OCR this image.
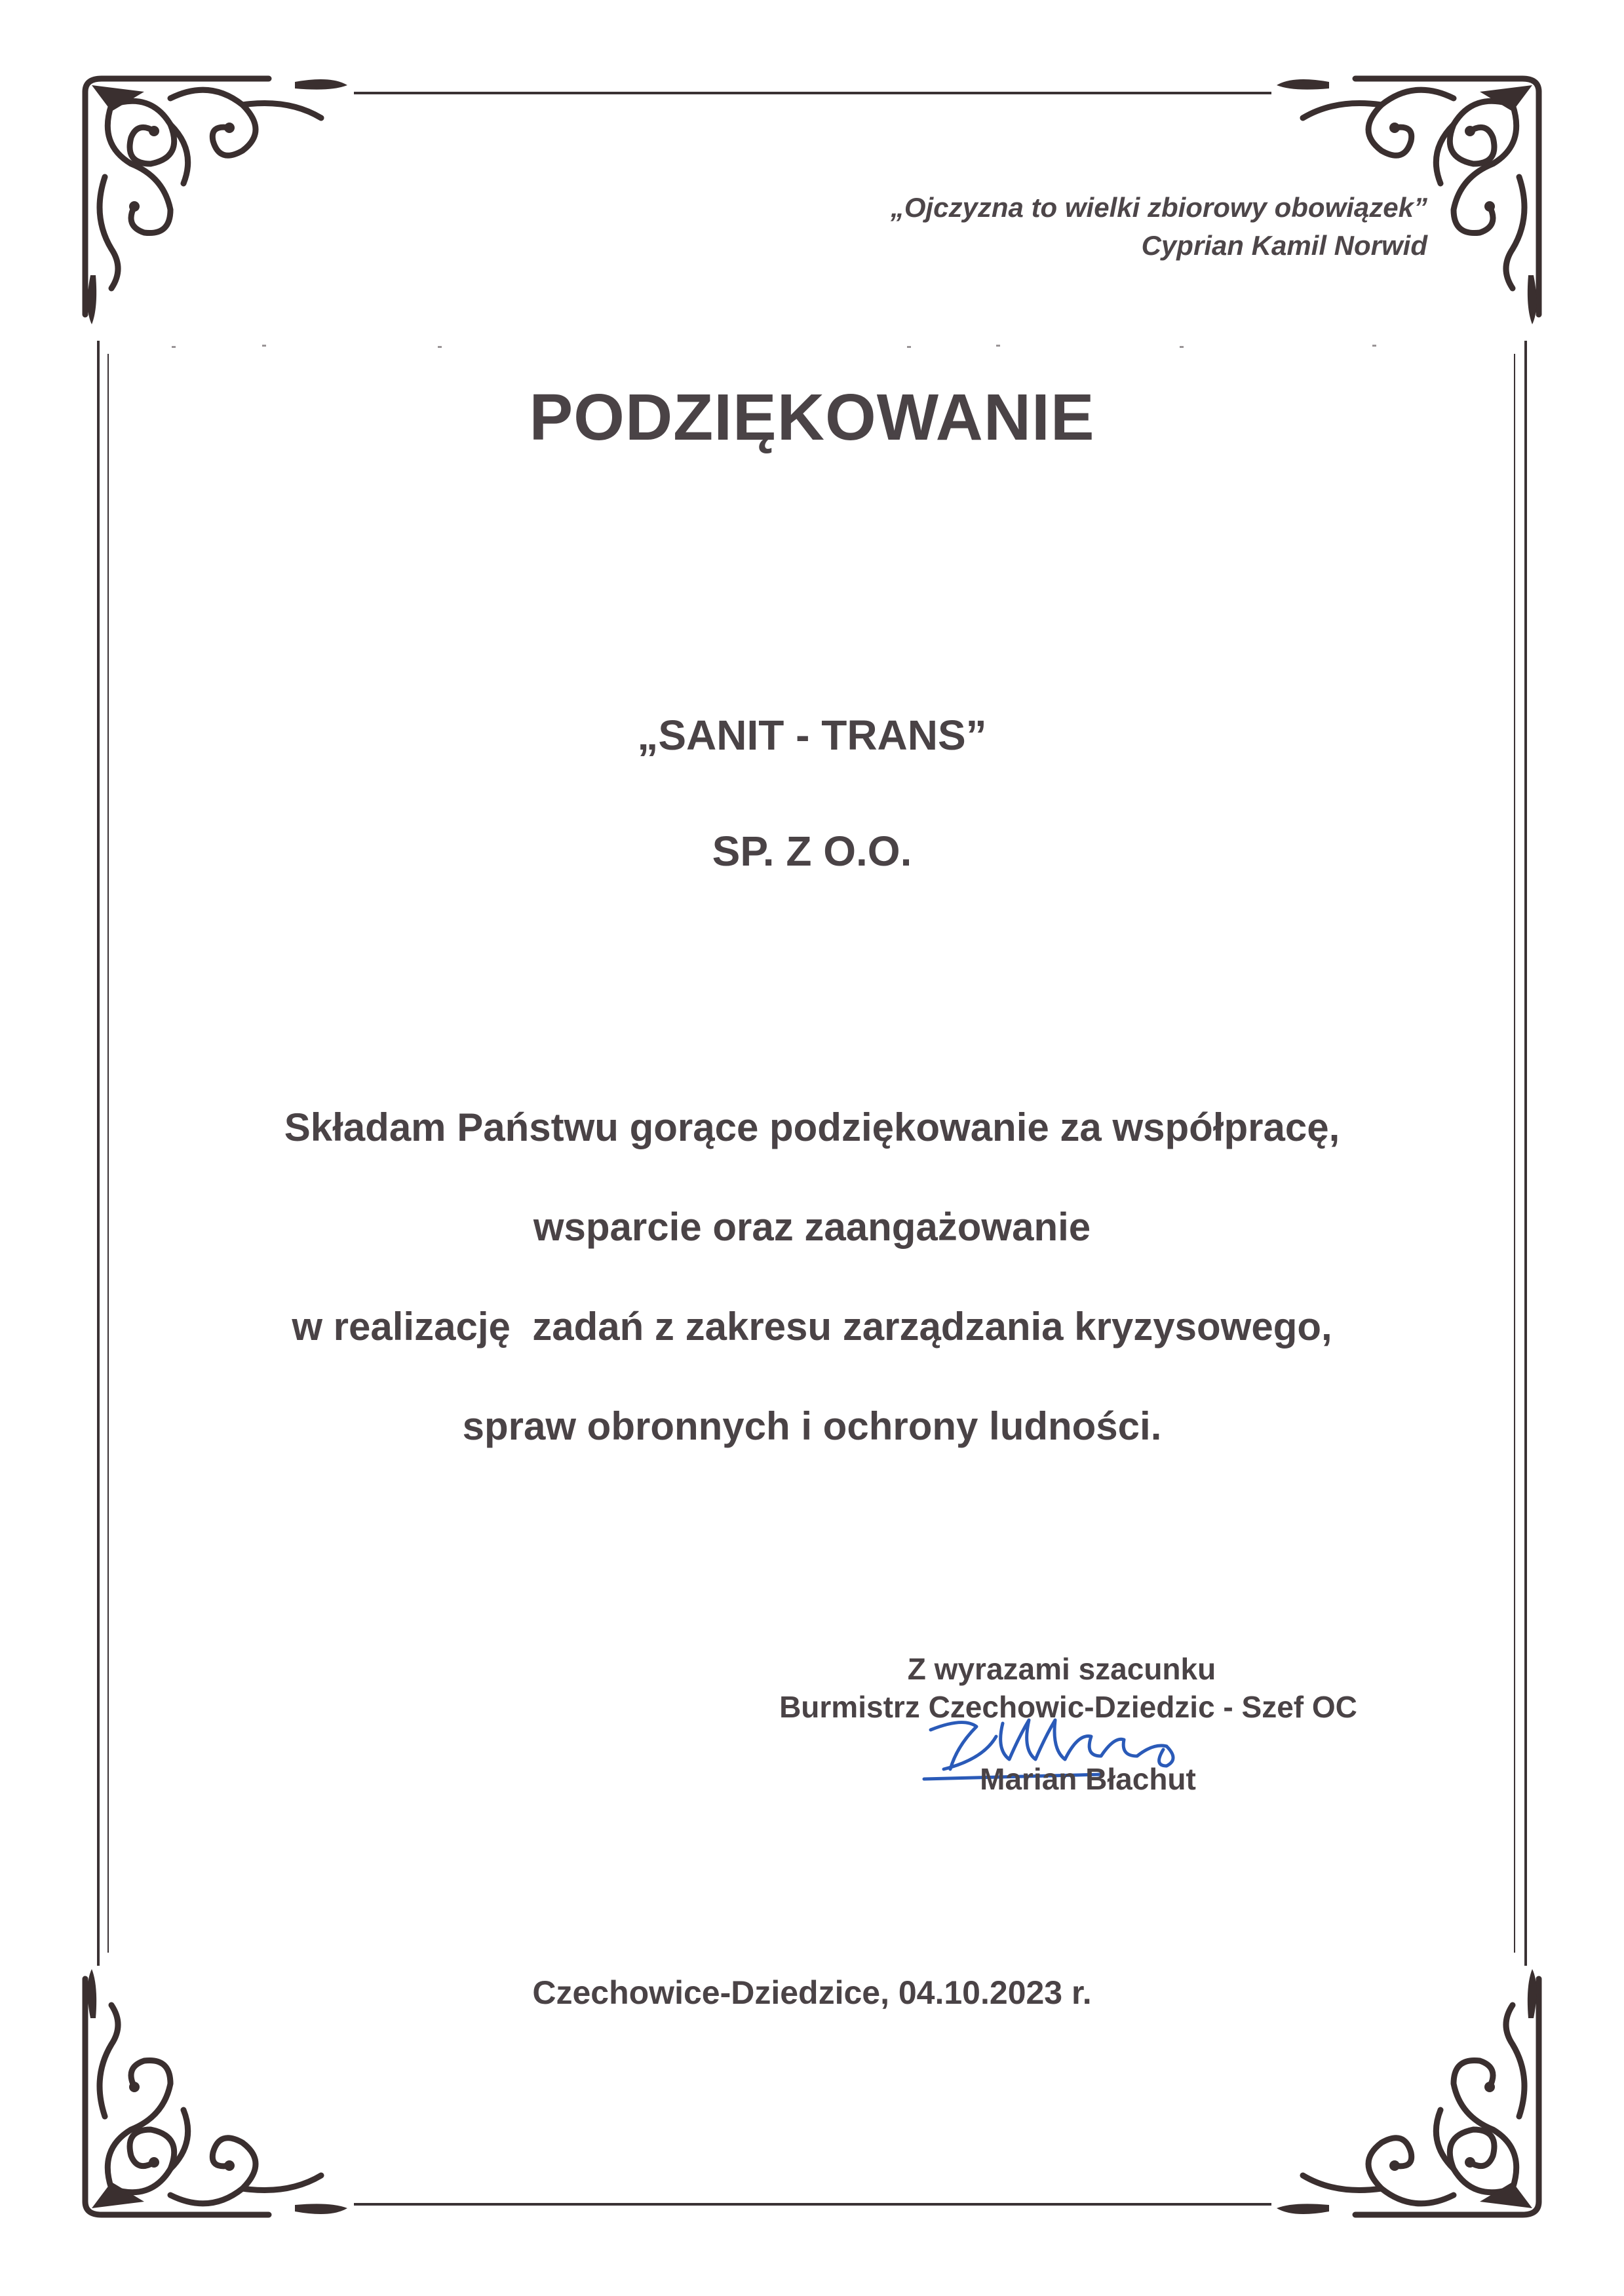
„Ojczyzna to wielki zbiorowy obowiązek”
Cyprian Kamil Norwid
PODZIĘKOWANIE
„SANIT - TRANS”
SP. Z O.O.
Składam Państwu gorące podziękowanie za współpracę,
wsparcie oraz zaangażowanie
w realizację  zadań z zakresu zarządzania kryzysowego,
spraw obronnych i ochrony ludności.
Z wyrazami szacunku
Burmistrz Czechowic-Dziedzic - Szef OC
Marian Błachut
Czechowice-Dziedzice, 04.10.2023 r.
